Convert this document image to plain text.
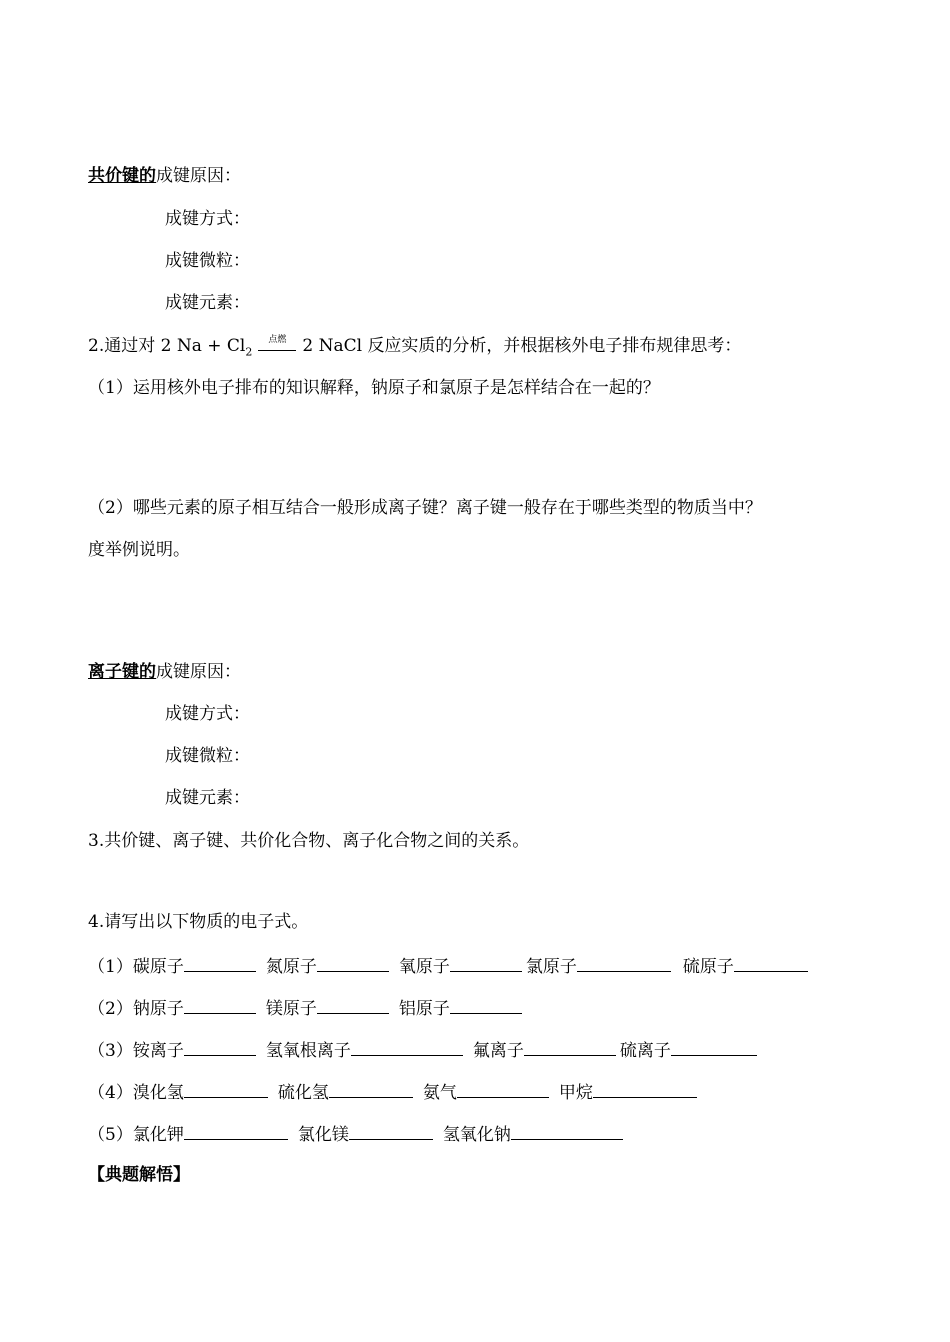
共价键的成键原因：
成键方式：
成键微粒：
成键元素：
2.通过对 2 $Na + Cl_2$
点燃 2 NaCl 反应实质的分析，并根据核外电子排布规律思考：
（1）运用核外电子排布的知识解释，钠原子和氯原子是怎样结合在一起的？
（2）哪些元素的原子相互结合一般形成离子键？离子键一般存在于哪些类型的物质当中？
度举例说明。
离子键的成键原因：
成键方式：
成键微粒：
成键元素：
3.共价键、离子键、共价化合物、离子化合物之间的关系。
4.请写出以下物质的电子式。
（1）碳原子	氮原子	氧原子	氯原子	硫原子
（2）钠原子	镁原子	铝原子
（3）铵离子	氢氧根离子	氟离子	硫离子
（4）溴化氢	硫化氢	氨气	甲烷
（5）氯化钾	氯化镁	氢氧化钠
【典题解悟】
